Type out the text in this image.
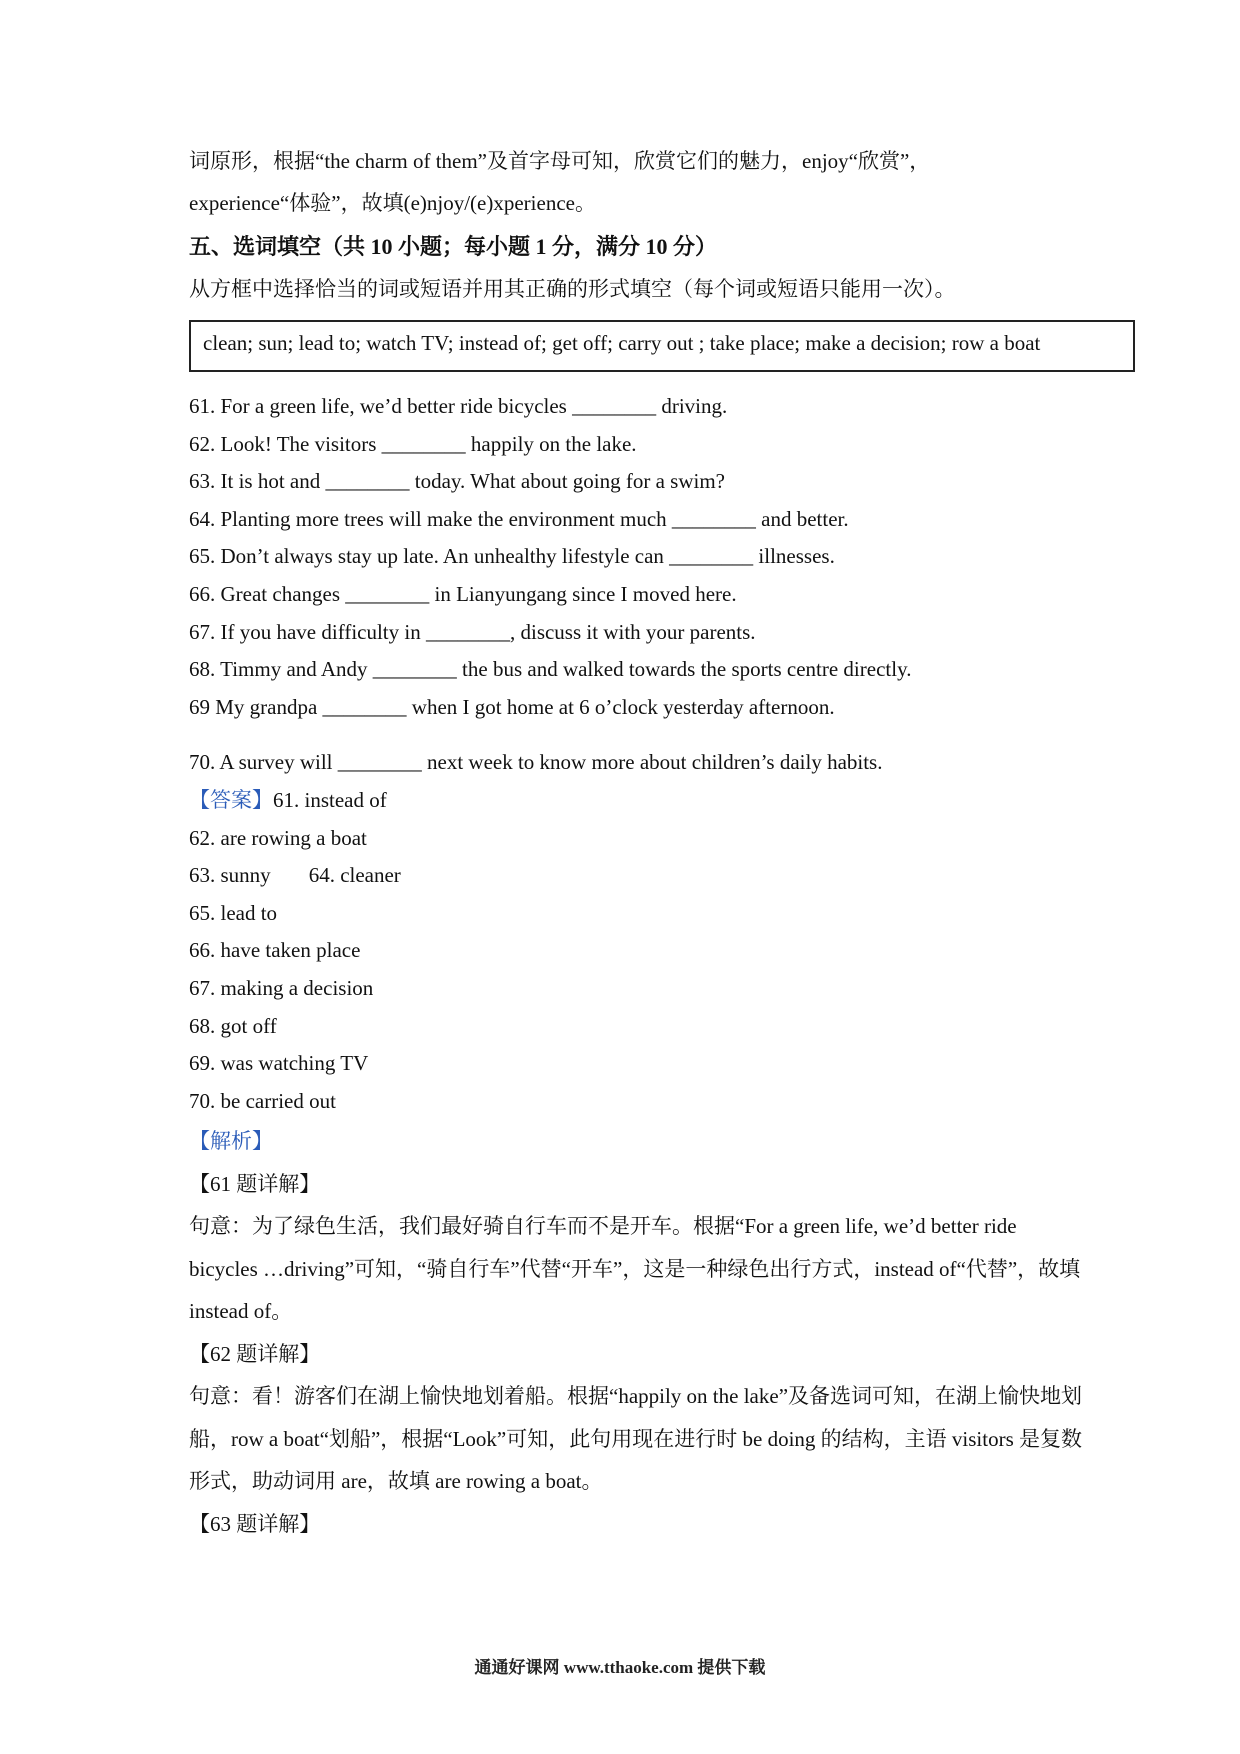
词原形，根据“the charm of them”及首字母可知，欣赏它们的魅力，enjoy“欣赏”，
experience“体验”，故填(e)njoy/(e)xperience。
五、选词填空（共 10 小题；每小题 1 分，满分 10 分）
从方框中选择恰当的词或短语并用其正确的形式填空（每个词或短语只能用一次）。
clean; sun; lead to; watch TV; instead of; get off; carry out ; take place; make a decision; row a boat
61. For a green life, we’d better ride bicycles ________ driving.
62. Look! The visitors ________ happily on the lake.
63. It is hot and ________ today. What about going for a swim?
64. Planting more trees will make the environment much ________ and better.
65. Don’t always stay up late. An unhealthy lifestyle can ________ illnesses.
66. Great changes ________ in Lianyungang since I moved here.
67. If you have difficulty in ________, discuss it with your parents.
68. Timmy and Andy ________ the bus and walked towards the sports centre directly.
69 My grandpa ________ when I got home at 6 o’clock yesterday afternoon.
70. A survey will ________ next week to know more about children’s daily habits.
【答案】61. instead of
62. are rowing a boat
63. sunny 64. cleaner
65. lead to
66. have taken place
67. making a decision
68. got off
69. was watching TV
70. be carried out
【解析】
【61 题详解】
句意：为了绿色生活，我们最好骑自行车而不是开车。根据“For a green life, we’d better ride bicycles …driving”可知，“骑自行车”代替“开车”，这是一种绿色出行方式，instead of“代替”，故填 instead of。
【62 题详解】
句意：看！游客们在湖上愉快地划着船。根据“happily on the lake”及备选词可知，在湖上愉快地划船，row a boat“划船”，根据“Look”可知，此句用现在进行时 be doing 的结构，主语 visitors 是复数形式，助动词用 are，故填 are rowing a boat。
【63 题详解】
通通好课网 www.tthaoke.com 提供下载
